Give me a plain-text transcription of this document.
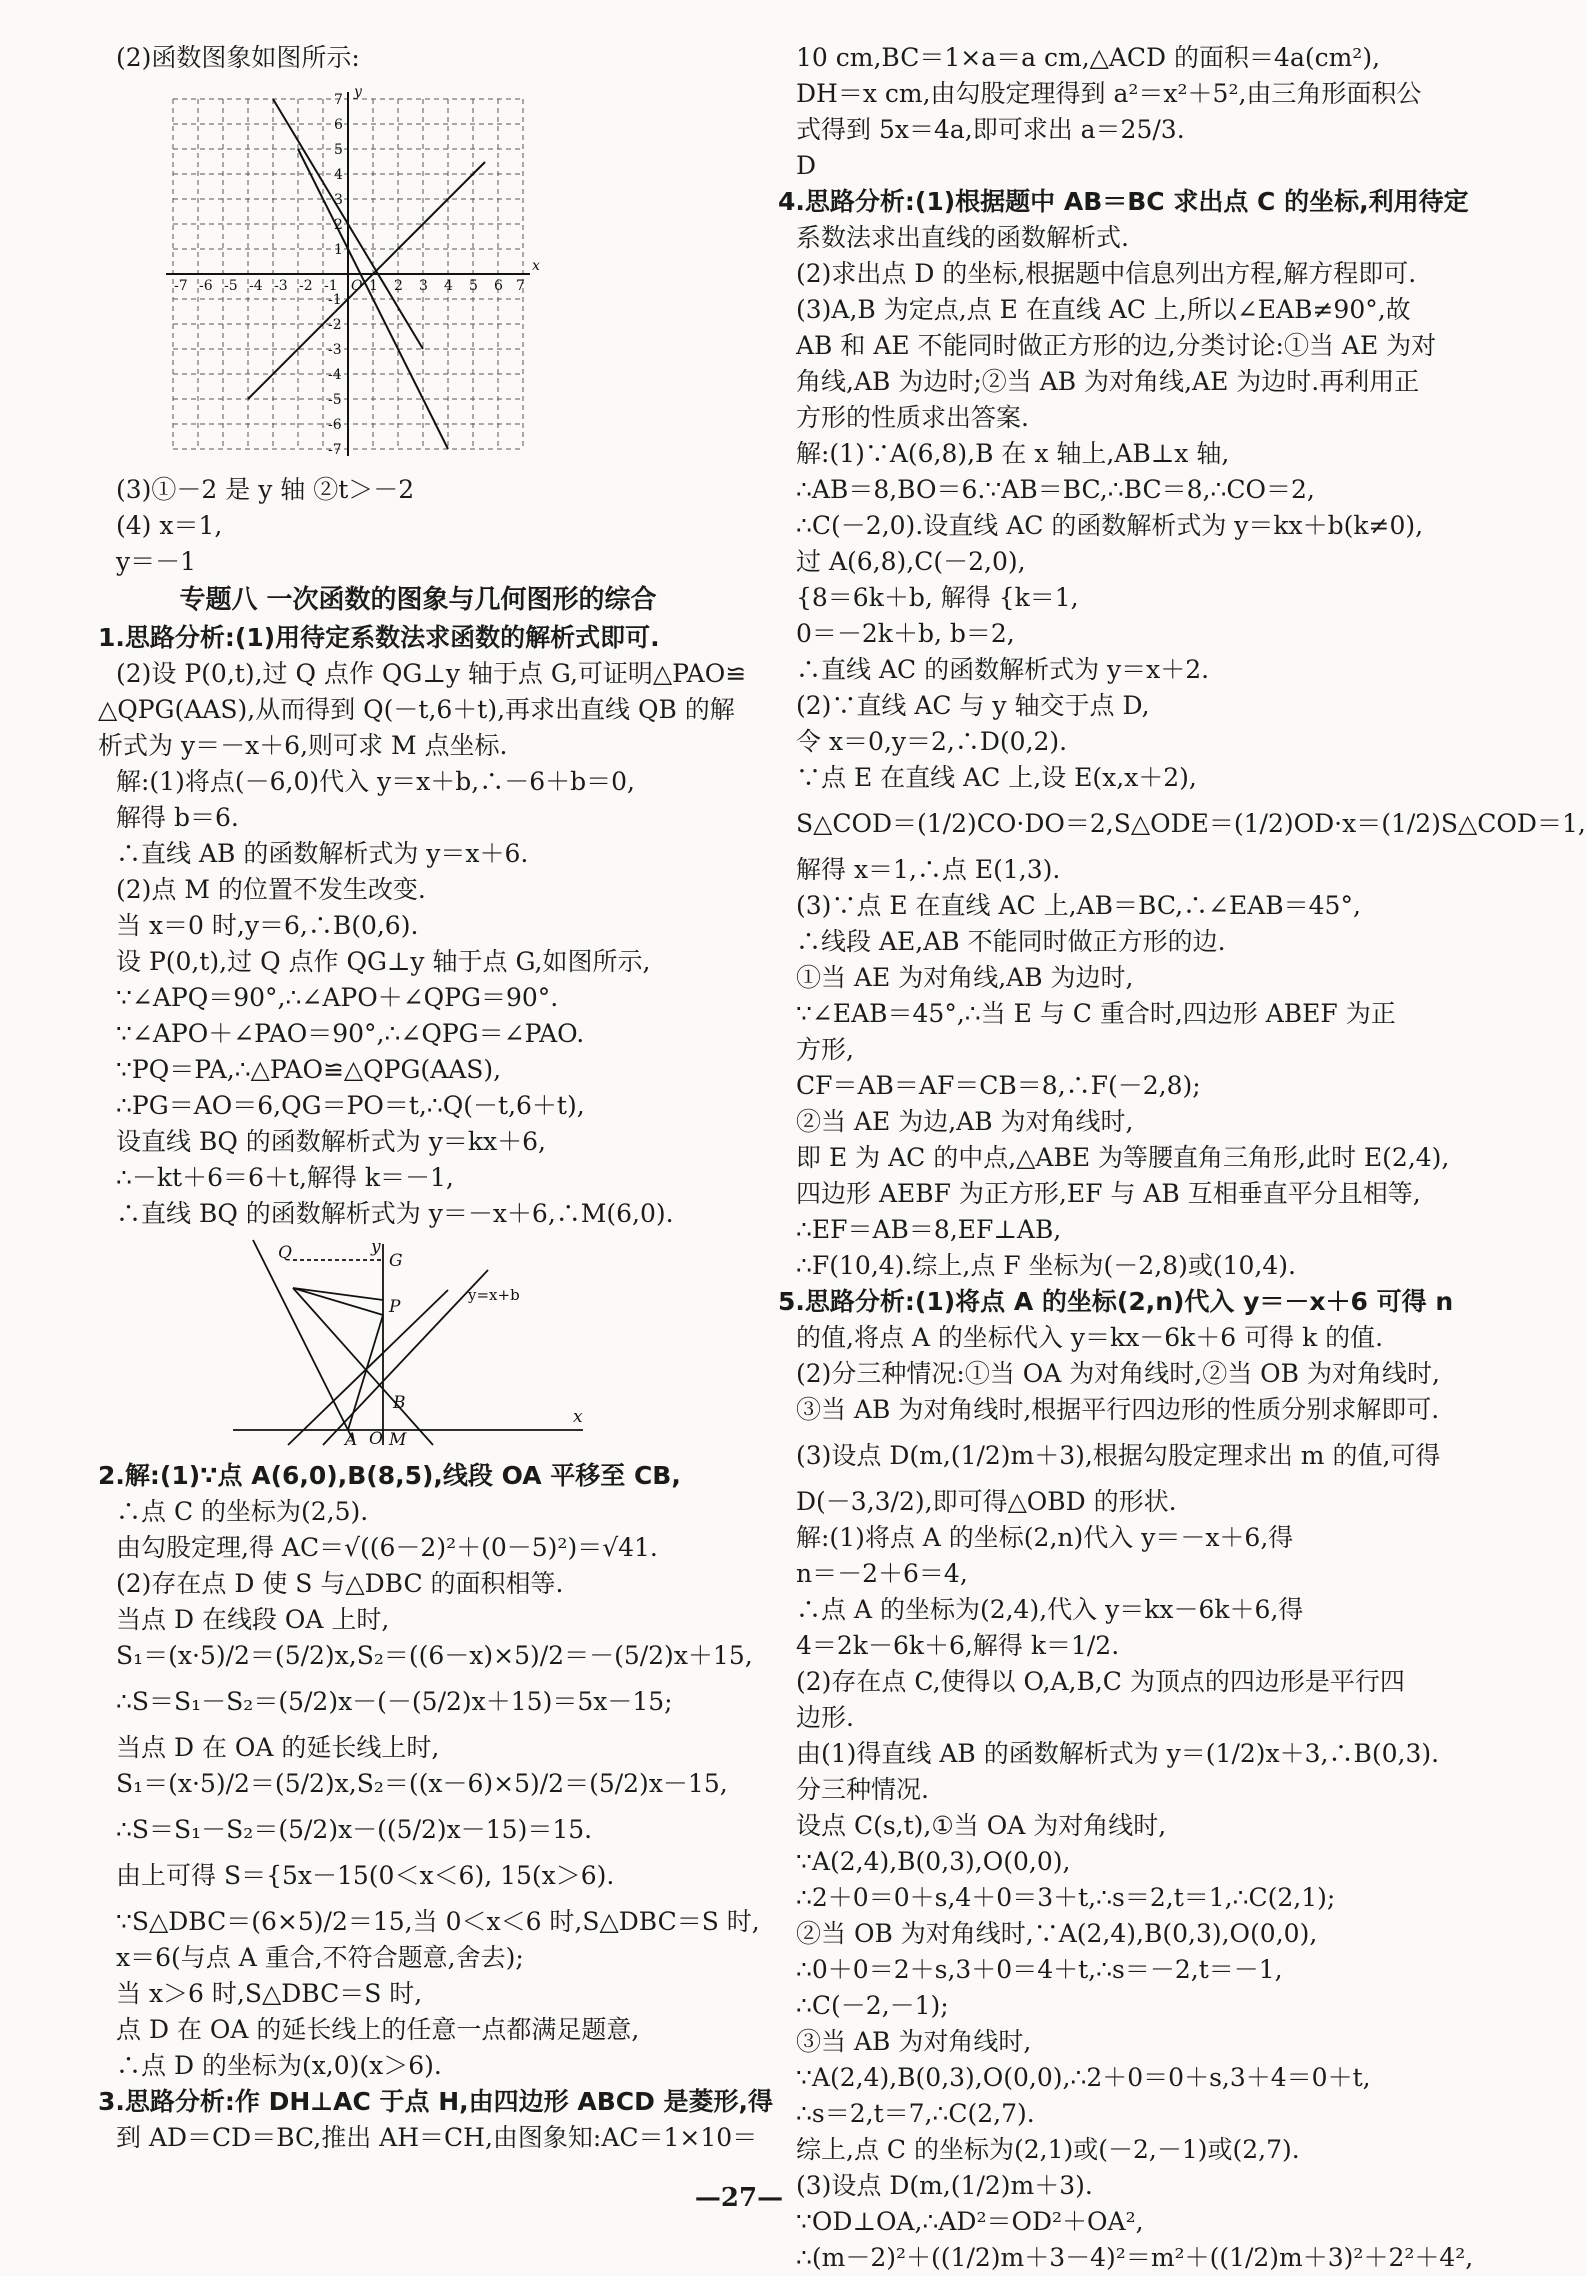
(2)函数图象如图所示:
x
y
O
-7 -6 -5 -4 -3 -2 -1 1 2 3 4 5 6 7
7
6
5
4
3
2
1
-1
-2
-3
-4
-5
-6
-7
(3)①－2 是 y 轴 ②t＞－2
(4) x＝1,
y＝－1
专题八 一次函数的图象与几何图形的综合
1.思路分析:(1)用待定系数法求函数的解析式即可.
(2)设 P(0,t),过 Q 点作 QG⊥y 轴于点 G,可证明△PAO≌
△QPG(AAS),从而得到 Q(－t,6＋t),再求出直线 QB 的解
析式为 y＝－x＋6,则可求 M 点坐标.
解:(1)将点(－6,0)代入 y＝x＋b,∴－6＋b＝0,
解得 b＝6.
∴直线 AB 的函数解析式为 y＝x＋6.
(2)点 M 的位置不发生改变.
当 x＝0 时,y＝6,∴B(0,6).
设 P(0,t),过 Q 点作 QG⊥y 轴于点 G,如图所示,
∵∠APQ＝90°,∴∠APO＋∠QPG＝90°.
∵∠APO＋∠PAO＝90°,∴∠QPG＝∠PAO.
∵PQ＝PA,∴△PAO≌△QPG(AAS),
∴PG＝AO＝6,QG＝PO＝t,∴Q(－t,6＋t),
设直线 BQ 的函数解析式为 y＝kx＋6,
∴－kt＋6＝6＋t,解得 k＝－1,
∴直线 BQ 的函数解析式为 y＝－x＋6,∴M(6,0).
Q	G
P
B
A O M
x
y
y=x+b
2.解:(1)∵点 A(6,0),B(8,5),线段 OA 平移至 CB,
∴点 C 的坐标为(2,5).
由勾股定理,得 AC＝√((6－2)²＋(0－5)²)＝√41.
(2)存在点 D 使 S 与△DBC 的面积相等.
当点 D 在线段 OA 上时,
S₁＝(x·5)/2＝(5/2)x,S₂＝((6－x)×5)/2＝－(5/2)x＋15,
∴S＝S₁－S₂＝(5/2)x－(－(5/2)x＋15)＝5x－15;
当点 D 在 OA 的延长线上时,
S₁＝(x·5)/2＝(5/2)x,S₂＝((x－6)×5)/2＝(5/2)x－15,
∴S＝S₁－S₂＝(5/2)x－((5/2)x－15)＝15.
由上可得 S＝{5x－15(0＜x＜6), 15(x＞6).
∵S△DBC＝(6×5)/2＝15,当 0＜x＜6 时,S△DBC＝S 时,
x＝6(与点 A 重合,不符合题意,舍去);
当 x＞6 时,S△DBC＝S 时,
点 D 在 OA 的延长线上的任意一点都满足题意,
∴点 D 的坐标为(x,0)(x＞6).
3.思路分析:作 DH⊥AC 于点 H,由四边形 ABCD 是菱形,得
到 AD＝CD＝BC,推出 AH＝CH,由图象知:AC＝1×10＝
10 cm,BC＝1×a＝a cm,△ACD 的面积＝4a(cm²),
DH＝x cm,由勾股定理得到 a²＝x²＋5²,由三角形面积公
式得到 5x＝4a,即可求出 a＝25/3.
D
4.思路分析:(1)根据题中 AB＝BC 求出点 C 的坐标,利用待定
系数法求出直线的函数解析式.
(2)求出点 D 的坐标,根据题中信息列出方程,解方程即可.
(3)A,B 为定点,点 E 在直线 AC 上,所以∠EAB≠90°,故
AB 和 AE 不能同时做正方形的边,分类讨论:①当 AE 为对
角线,AB 为边时;②当 AB 为对角线,AE 为边时.再利用正
方形的性质求出答案.
解:(1)∵A(6,8),B 在 x 轴上,AB⊥x 轴,
∴AB＝8,BO＝6.∵AB＝BC,∴BC＝8,∴CO＝2,
∴C(－2,0).设直线 AC 的函数解析式为 y＝kx＋b(k≠0),
过 A(6,8),C(－2,0),
{8＝6k＋b, 解得 {k＝1,
0＝－2k＋b, b＝2,
∴直线 AC 的函数解析式为 y＝x＋2.
(2)∵直线 AC 与 y 轴交于点 D,
令 x＝0,y＝2,∴D(0,2).
∵点 E 在直线 AC 上,设 E(x,x＋2),
S△COD＝(1/2)CO·DO＝2,S△ODE＝(1/2)OD·x＝(1/2)S△COD＝1,
解得 x＝1,∴点 E(1,3).
(3)∵点 E 在直线 AC 上,AB＝BC,∴∠EAB＝45°,
∴线段 AE,AB 不能同时做正方形的边.
①当 AE 为对角线,AB 为边时,
∵∠EAB＝45°,∴当 E 与 C 重合时,四边形 ABEF 为正
方形,
CF＝AB＝AF＝CB＝8,∴F(－2,8);
②当 AE 为边,AB 为对角线时,
即 E 为 AC 的中点,△ABE 为等腰直角三角形,此时 E(2,4),
四边形 AEBF 为正方形,EF 与 AB 互相垂直平分且相等,
∴EF＝AB＝8,EF⊥AB,
∴F(10,4).综上,点 F 坐标为(－2,8)或(10,4).
5.思路分析:(1)将点 A 的坐标(2,n)代入 y＝－x＋6 可得 n
的值,将点 A 的坐标代入 y＝kx－6k＋6 可得 k 的值.
(2)分三种情况:①当 OA 为对角线时,②当 OB 为对角线时,
③当 AB 为对角线时,根据平行四边形的性质分别求解即可.
(3)设点 D(m,(1/2)m＋3),根据勾股定理求出 m 的值,可得
D(－3,3/2),即可得△OBD 的形状.
解:(1)将点 A 的坐标(2,n)代入 y＝－x＋6,得
n＝－2＋6＝4,
∴点 A 的坐标为(2,4),代入 y＝kx－6k＋6,得
4＝2k－6k＋6,解得 k＝1/2.
(2)存在点 C,使得以 O,A,B,C 为顶点的四边形是平行四
边形.
由(1)得直线 AB 的函数解析式为 y＝(1/2)x＋3,∴B(0,3).
分三种情况.
设点 C(s,t),①当 OA 为对角线时,
∵A(2,4),B(0,3),O(0,0),
∴2＋0＝0＋s,4＋0＝3＋t,∴s＝2,t＝1,∴C(2,1);
②当 OB 为对角线时,∵A(2,4),B(0,3),O(0,0),
∴0＋0＝2＋s,3＋0＝4＋t,∴s＝－2,t＝－1,
∴C(－2,－1);
③当 AB 为对角线时,
∵A(2,4),B(0,3),O(0,0),∴2＋0＝0＋s,3＋4＝0＋t,
∴s＝2,t＝7,∴C(2,7).
综上,点 C 的坐标为(2,1)或(－2,－1)或(2,7).
(3)设点 D(m,(1/2)m＋3).
∵OD⊥OA,∴AD²＝OD²＋OA²,
∴(m－2)²＋((1/2)m＋3－4)²＝m²＋((1/2)m＋3)²＋2²＋4²,
—27—
